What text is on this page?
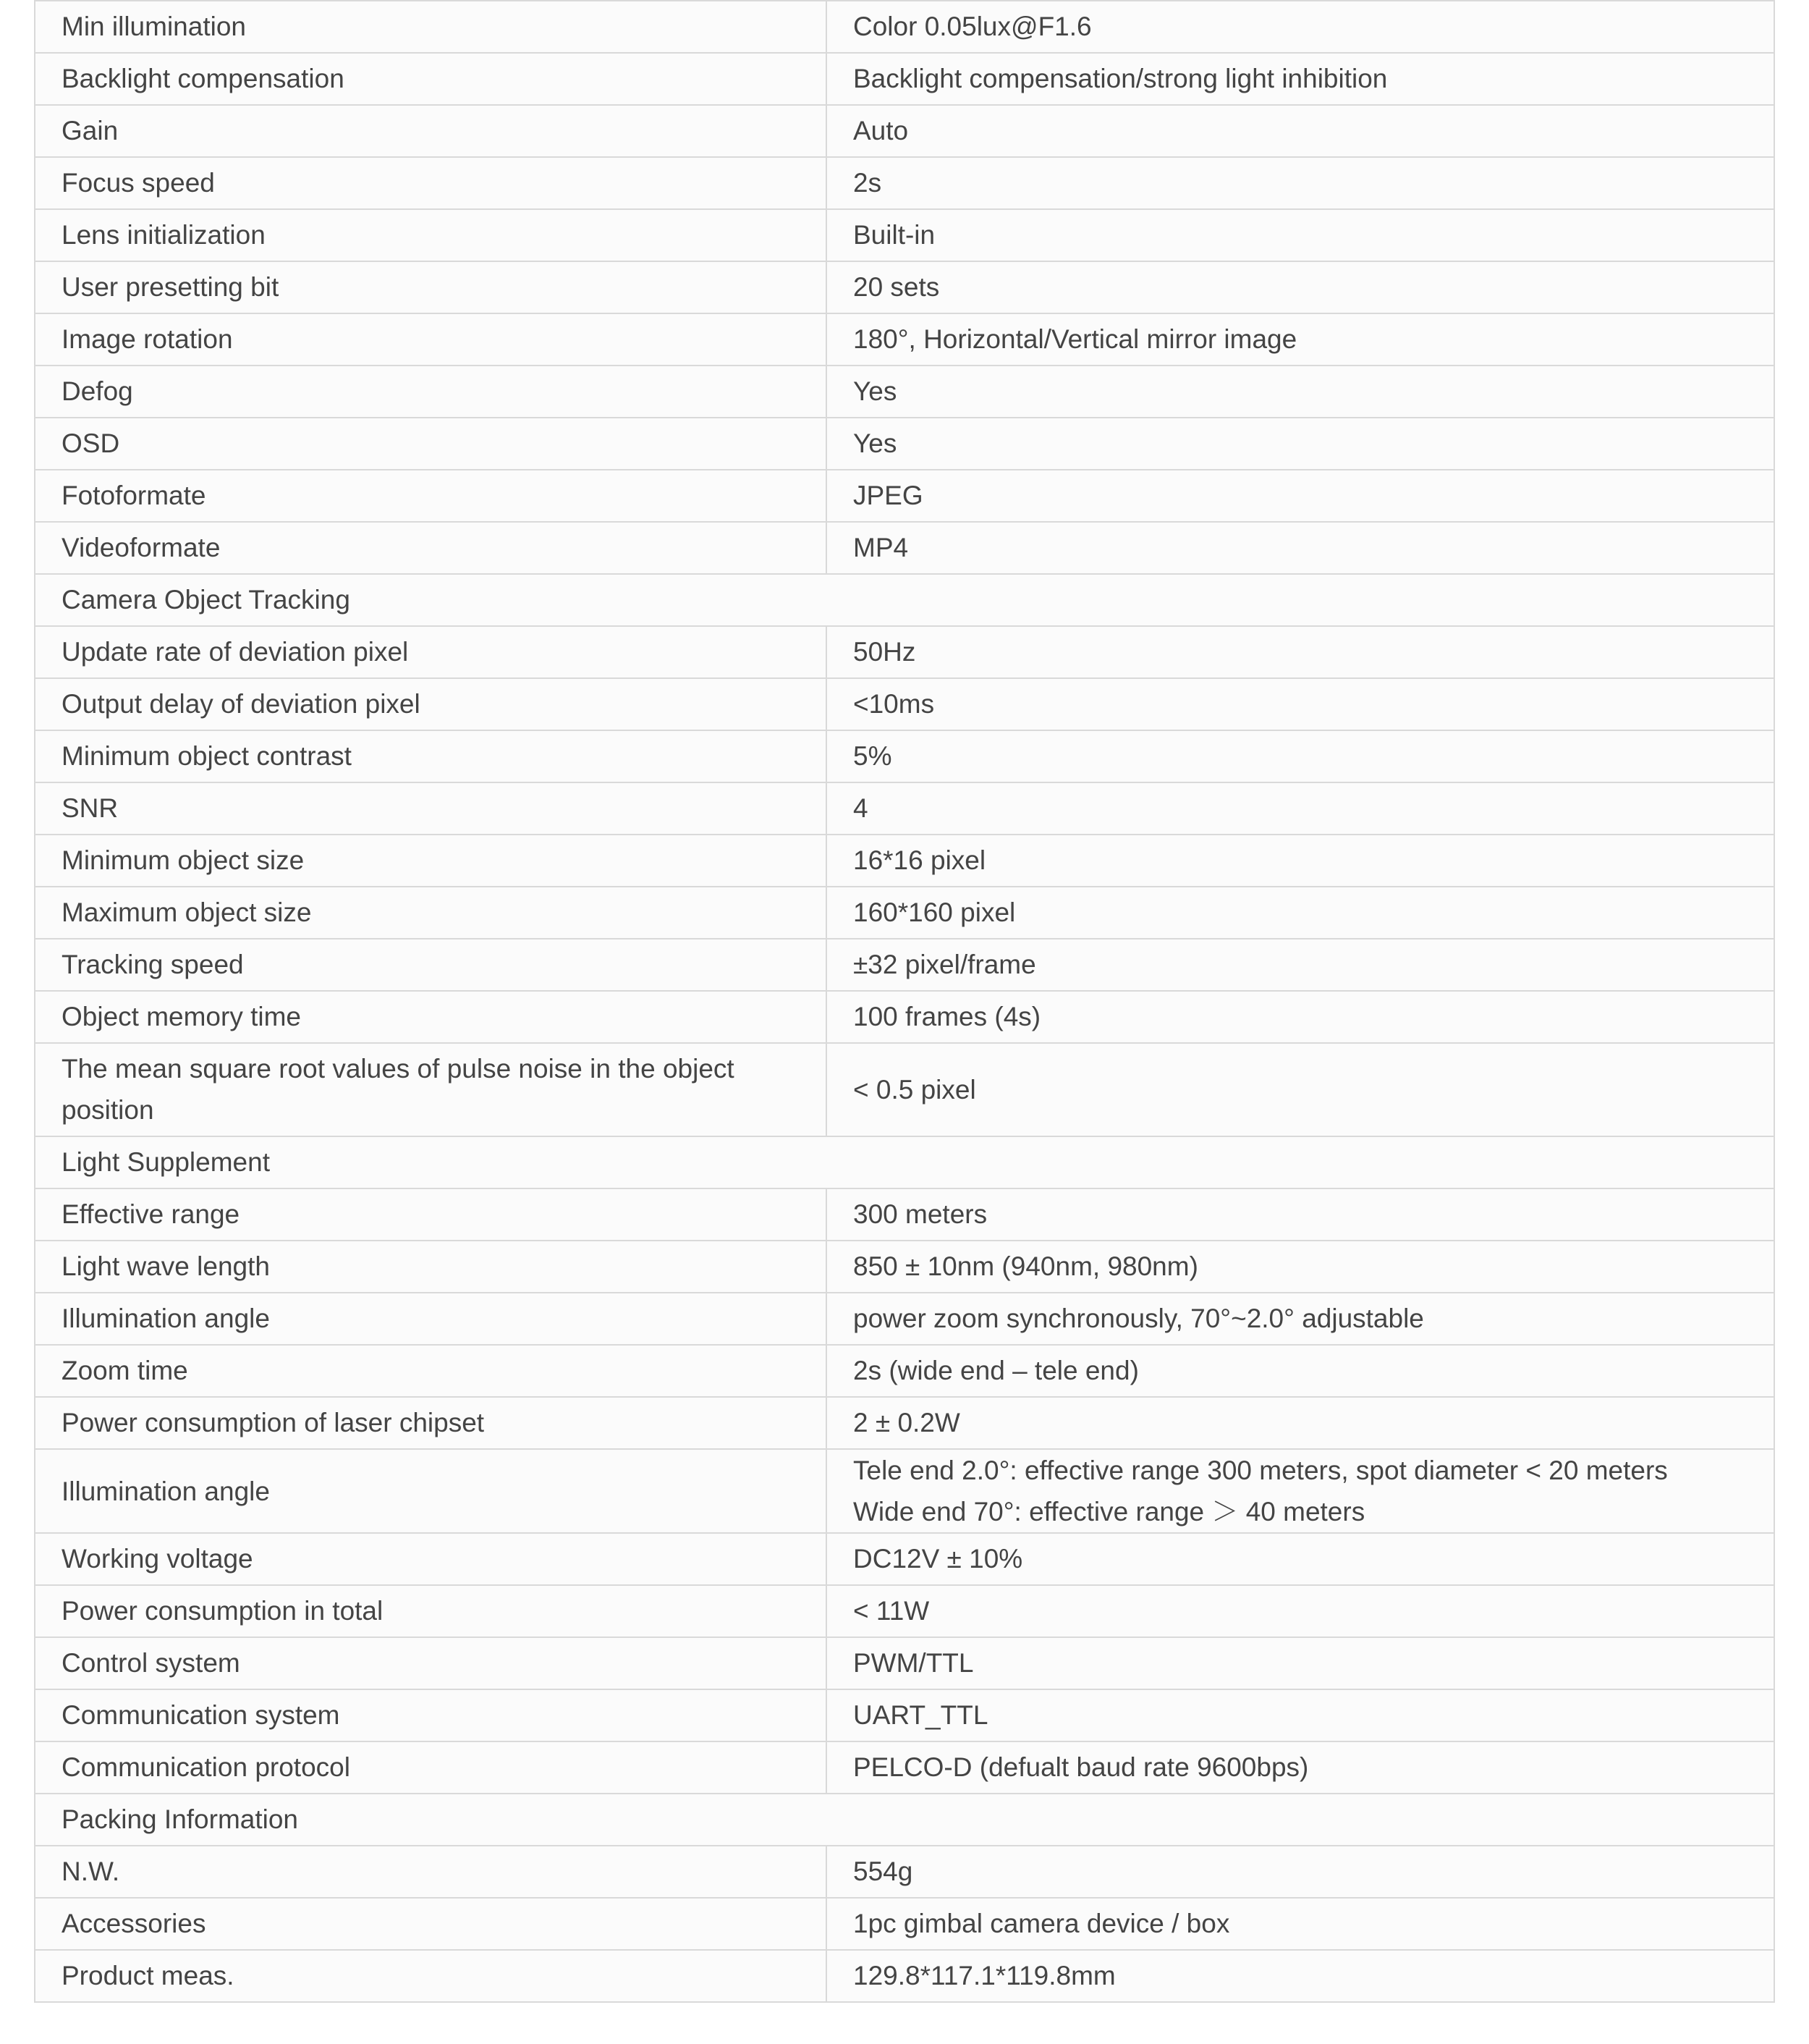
Min illumination	Color 0.05lux@F1.6
Backlight compensation	Backlight compensation/strong light inhibition
Gain	Auto
Focus speed	2s
Lens initialization	Built-in
User presetting bit	20 sets
Image rotation	180°, Horizontal/Vertical mirror image
Defog	Yes
OSD	Yes
Fotoformate	JPEG
Videoformate	MP4
Camera Object Tracking	
Update rate of deviation pixel	50Hz
Output delay of deviation pixel	<10ms
Minimum object contrast	5%
SNR	4
Minimum object size	16*16 pixel
Maximum object size	160*160 pixel
Tracking speed	±32 pixel/frame
Object memory time	100 frames (4s)
The mean square root values of pulse noise in the object position	< 0.5 pixel
Light Supplement	
Effective range	300 meters
Light wave length	850 ± 10nm (940nm, 980nm)
Illumination angle	power zoom synchronously, 70°~2.0° adjustable
Zoom time	2s (wide end – tele end)
Power consumption of laser chipset	2 ± 0.2W
Illumination angle	Tele end 2.0°: effective range 300 meters, spot diameter < 20 meters
Wide end 70°: effective range ＞ 40 meters

Working voltage	DC12V ± 10%
Power consumption in total	< 11W
Control system	PWM/TTL
Communication system	UART_TTL
Communication protocol	PELCO-D (defualt baud rate 9600bps)
Packing Information	
N.W.	554g
Accessories	1pc gimbal camera device / box
Product meas.	129.8*117.1*119.8mm
